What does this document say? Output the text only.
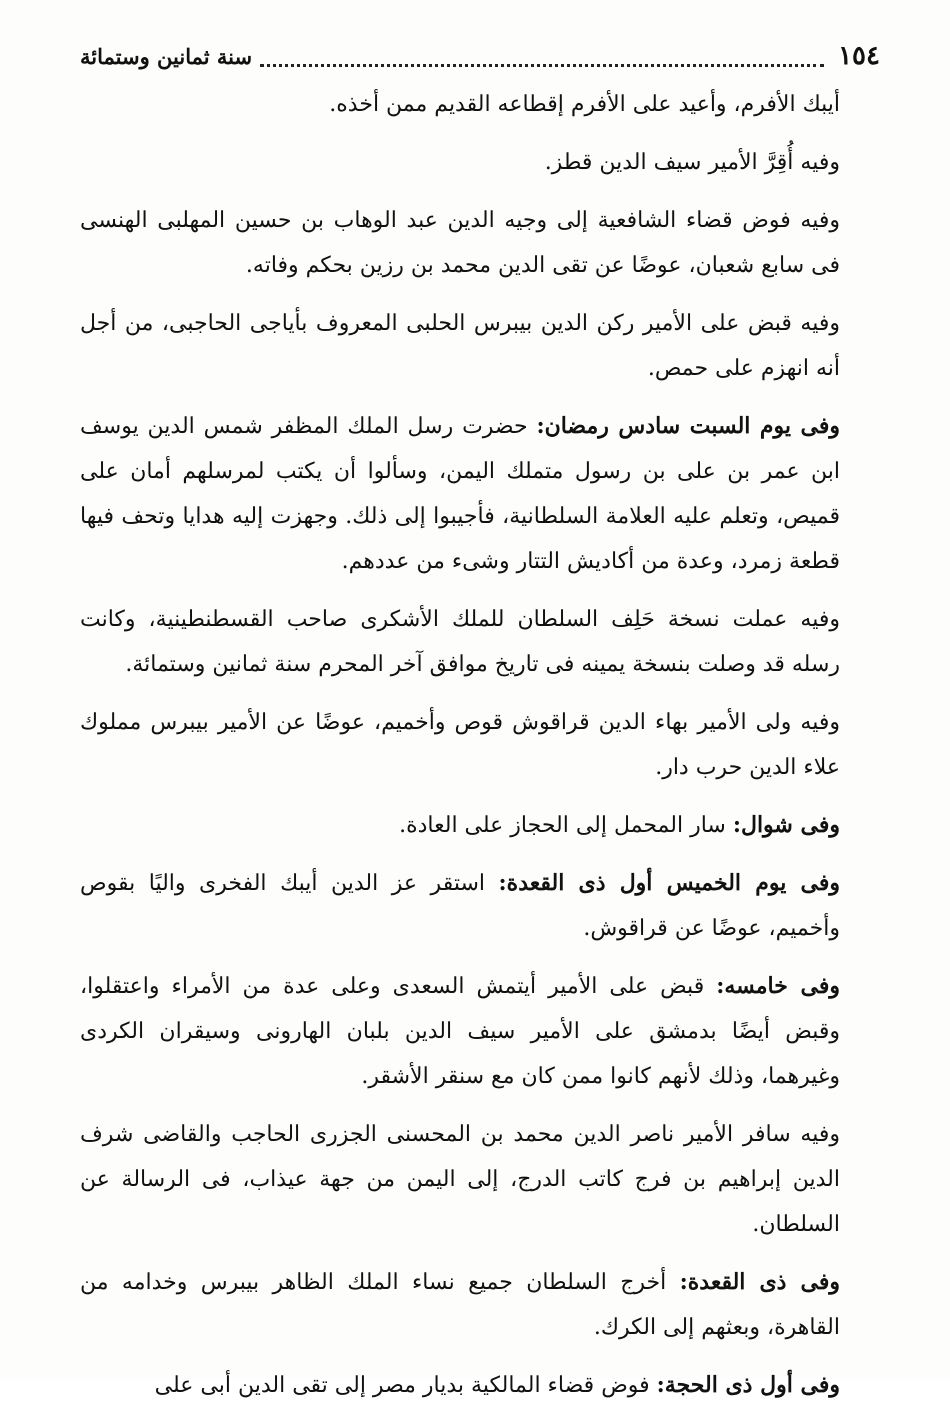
١٥٤
سنة ثمانين وستمائة

أيبك الأفرم، وأعيد على الأفرم إقطاعه القديم ممن أخذه.

وفيه أُقِرَّ الأمير سيف الدين قطز.

وفيه فوض قضاء الشافعية إلى وجيه الدين عبد الوهاب بن حسين المهلبى الهنسى فى سابع شعبان، عوضًا عن تقى الدين محمد بن رزين بحكم وفاته.

وفيه قبض على الأمير ركن الدين بيبرس الحلبى المعروف بأياجى الحاجبى، من أجل أنه انهزم على حمص.

وفى يوم السبت سادس رمضان: حضرت رسل الملك المظفر شمس الدين يوسف ابن عمر بن على بن رسول متملك اليمن، وسألوا أن يكتب لمرسلهم أمان على قميص، وتعلم عليه العلامة السلطانية، فأجيبوا إلى ذلك. وجهزت إليه هدايا وتحف فيها قطعة زمرد، وعدة من أكاديش التتار وشىء من عددهم.

وفيه عملت نسخة حَلِف السلطان للملك الأشكرى صاحب القسطنطينية، وكانت رسله قد وصلت بنسخة يمينه فى تاريخ موافق آخر المحرم سنة ثمانين وستمائة.

وفيه ولى الأمير بهاء الدين قراقوش قوص وأخميم، عوضًا عن الأمير بيبرس مملوك علاء الدين حرب دار.

وفى شوال: سار المحمل إلى الحجاز على العادة.

وفى يوم الخميس أول ذى القعدة: استقر عز الدين أيبك الفخرى واليًا بقوص وأخميم، عوضًا عن قراقوش.

وفى خامسه: قبض على الأمير أيتمش السعدى وعلى عدة من الأمراء واعتقلوا، وقبض أيضًا بدمشق على الأمير سيف الدين بلبان الهارونى وسيقران الكردى وغيرهما، وذلك لأنهم كانوا ممن كان مع سنقر الأشقر.

وفيه سافر الأمير ناصر الدين محمد بن المحسنى الجزرى الحاجب والقاضى شرف الدين إبراهيم بن فرج كاتب الدرج، إلى اليمن من جهة عيذاب، فى الرسالة عن السلطان.

وفى ذى القعدة: أخرج السلطان جميع نساء الملك الظاهر بيبرس وخدامه من القاهرة، وبعثهم إلى الكرك.

وفى أول ذى الحجة: فوض قضاء المالكية بديار مصر إلى تقى الدين أبى على
